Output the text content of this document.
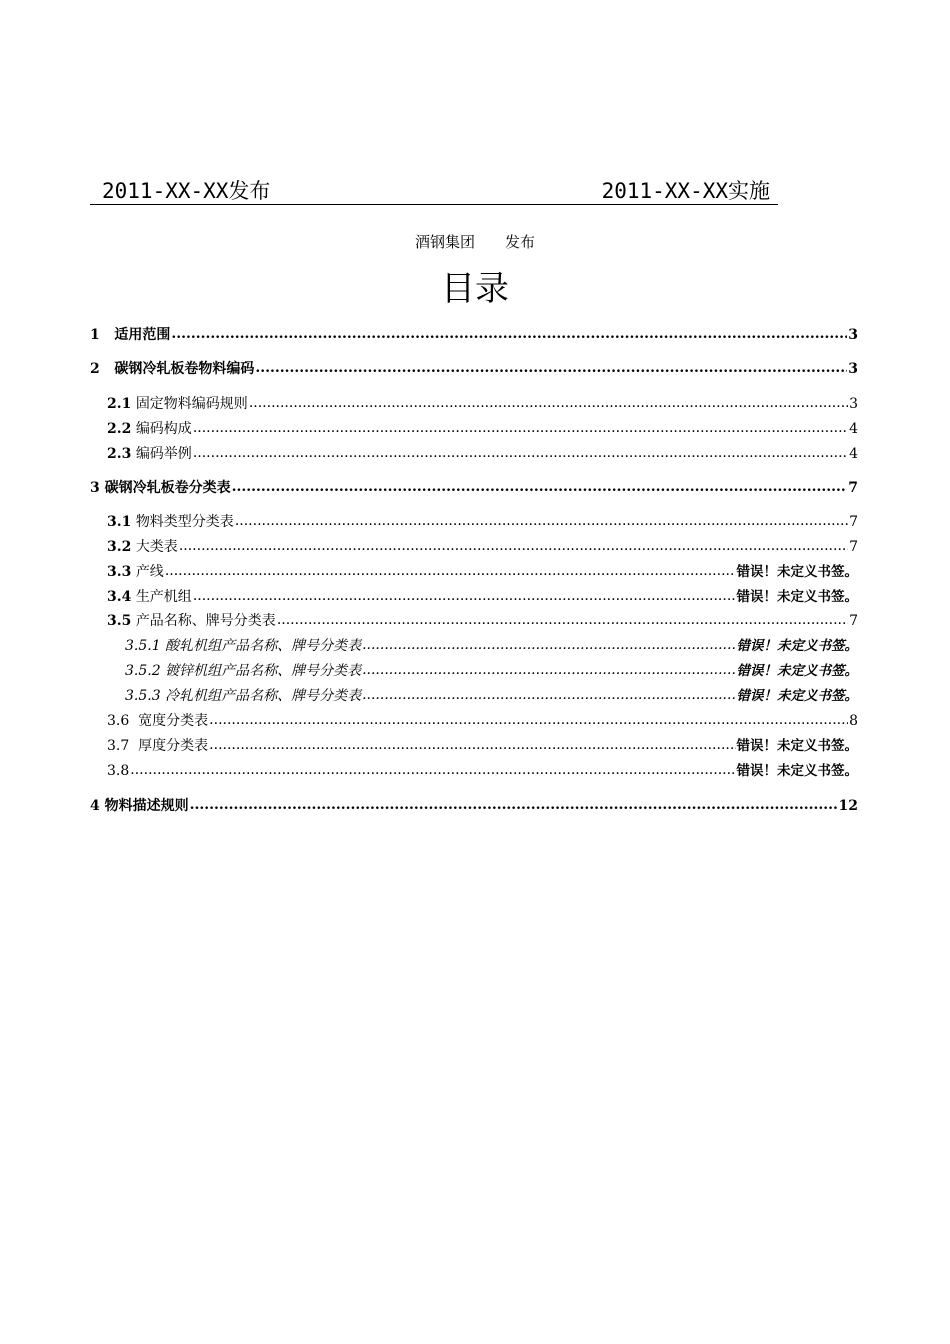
2011-XX-XX发布	2011-XX-XX实施
酒钢集团　　发布
目录
1 适用范围 .....	3
2 碳钢冷轧板卷物料编码 .....	3
2.1 固定物料编码规则 .....	3
2.2 编码构成 .....	4
2.3 编码举例 .....	4
3 碳钢冷轧板卷分类表 .....	7
3.1 物料类型分类表 .....	7
3.2 大类表 .....	7
3.3 产线 .....	错误！未定义书签。
3.4 生产机组 .....	错误！未定义书签。
3.5 产品名称、牌号分类表 .....	7
3.5.1 酸轧机组产品名称、牌号分类表 .....	错误！未定义书签。
3.5.2 镀锌机组产品名称、牌号分类表 .....	错误！未定义书签。
3.5.3 冷轧机组产品名称、牌号分类表 .....	错误！未定义书签。
3.6 宽度分类表 .....	8
3.7 厚度分类表 .....	错误！未定义书签。
3.8 .....	错误！未定义书签。
4 物料描述规则 .....	12
